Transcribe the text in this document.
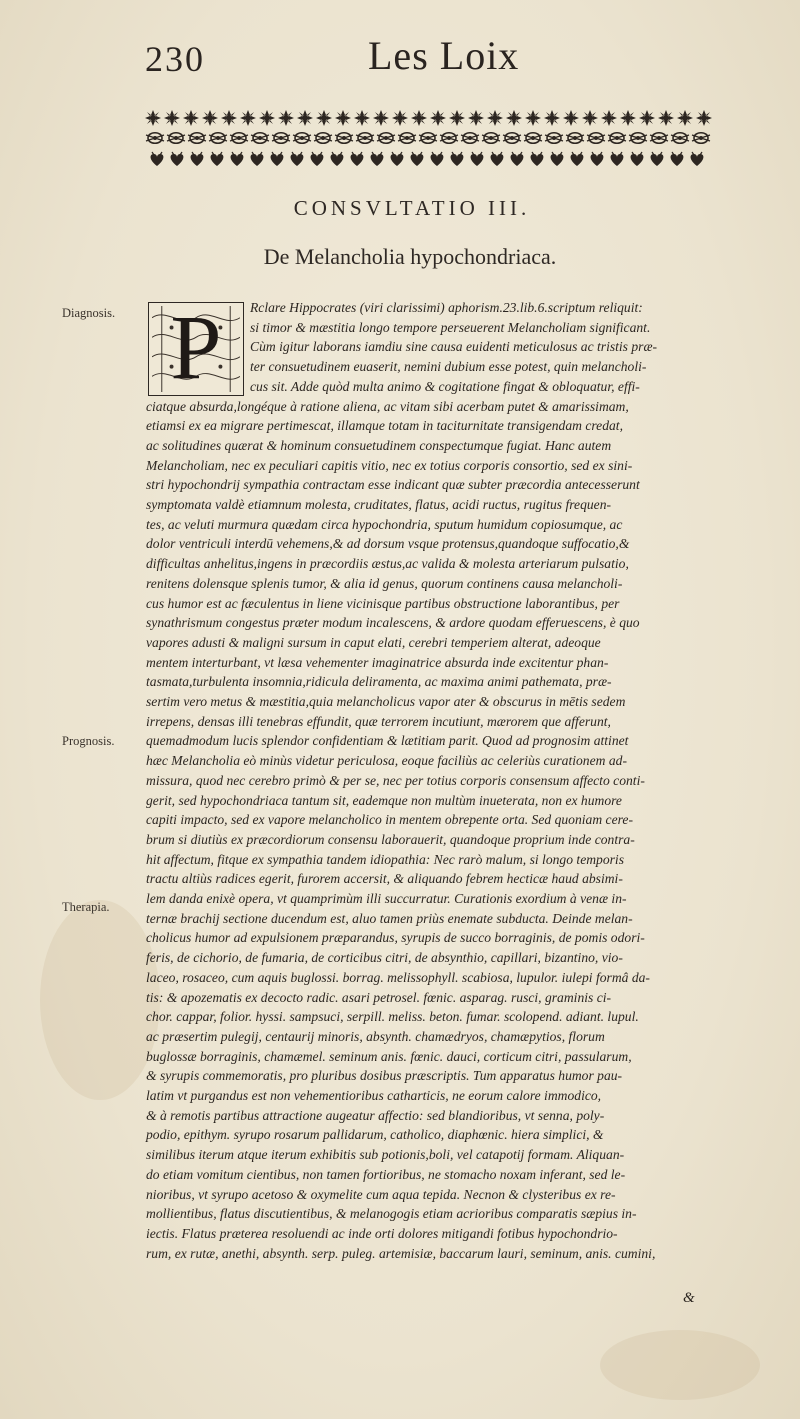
230	Les Loix
CONSVLTATIO III.
De Melancholia hypochondriaca.
Diagnosis.
Prognosis.
Therapia.
P	Rclare Hippocrates (viri clarissimi) aphorism.23.lib.6.scriptum reliquit:
si timor & mæstitia longo tempore perseuerent Melancholiam significant.
Cùm igitur laborans iamdiu sine causa euidenti meticulosus ac tristis præ-
ter consuetudinem euaserit, nemini dubium esse potest, quin melancholi-
cus sit. Adde quòd multa animo & cogitatione fingat & obloquatur, effi-
ciatque absurda,longéque à ratione aliena, ac vitam sibi acerbam putet & amarissimam,
etiamsi ex ea migrare pertimescat, illamque totam in taciturnitate transigendam credat,
ac solitudines quærat & hominum consuetudinem conspectumque fugiat. Hanc autem
Melancholiam, nec ex peculiari capitis vitio, nec ex totius corporis consortio, sed ex sini-
stri hypochondrij sympathia contractam esse indicant quæ subter præcordia antecesserunt
symptomata valdè etiamnum molesta, cruditates, flatus, acidi ructus, rugitus frequen-
tes, ac veluti murmura quædam circa hypochondria, sputum humidum copiosumque, ac
dolor ventriculi interdū vehemens,& ad dorsum vsque protensus,quandoque suffocatio,&
difficultas anhelitus,ingens in præcordiis æstus,ac valida & molesta arteriarum pulsatio,
renitens dolensque splenis tumor, & alia id genus, quorum continens causa melancholi-
cus humor est ac fæculentus in liene vicinisque partibus obstructione laborantibus, per
synathrismum congestus præter modum incalescens, & ardore quodam efferuescens, è quo
vapores adusti & maligni sursum in caput elati, cerebri temperiem alterat, adeoque
mentem interturbant, vt læsa vehementer imaginatrice absurda inde excitentur phan-
tasmata,turbulenta insomnia,ridicula deliramenta, ac maxima animi pathemata, præ-
sertim vero metus & mæstitia,quia melancholicus vapor ater & obscurus in mētis sedem
irrepens, densas illi tenebras effundit, quæ terrorem incutiunt, mærorem que afferunt,
quemadmodum lucis splendor confidentiam & lætitiam parit. Quod ad prognosim attinet
hæc Melancholia eò minùs videtur periculosa, eoque faciliùs ac celeriùs curationem ad-
missura, quod nec cerebro primò & per se, nec per totius corporis consensum affecto conti-
gerit, sed hypochondriaca tantum sit, eademque non multùm inueterata, non ex humore
capiti impacto, sed ex vapore melancholico in mentem obrepente orta. Sed quoniam cere-
brum si diutiùs ex præcordiorum consensu laborauerit, quandoque proprium inde contra-
hit affectum, fitque ex sympathia tandem idiopathia: Nec rarò malum, si longo temporis
tractu altiùs radices egerit, furorem accersit, & aliquando febrem hecticæ haud absimi-
lem danda enixè opera, vt quamprimùm illi succurratur. Curationis exordium à venæ in-
ternæ brachij sectione ducendum est, aluo tamen priùs enemate subducta. Deinde melan-
cholicus humor ad expulsionem præparandus, syrupis de succo borraginis, de pomis odori-
feris, de cichorio, de fumaria, de corticibus citri, de absynthio, capillari, bizantino, vio-
laceo, rosaceo, cum aquis buglossi. borrag. melissophyll. scabiosa, lupulor. iulepi formâ da-
tis: & apozematis ex decocto radic. asari petrosel. fœnic. asparag. rusci, graminis ci-
chor. cappar, folior. hyssi. sampsuci, serpill. meliss. beton. fumar. scolopend. adiant. lupul.
ac præsertim pulegij, centaurij minoris, absynth. chamædryos, chamæpytios, florum
buglossæ borraginis, chamæmel. seminum anis. fœnic. dauci, corticum citri, passularum,
& syrupis commemoratis, pro pluribus dosibus præscriptis. Tum apparatus humor pau-
latim vt purgandus est non vehementioribus catharticis, ne eorum calore immodico,
& à remotis partibus attractione augeatur affectio: sed blandioribus, vt senna, poly-
podio, epithym. syrupo rosarum pallidarum, catholico, diaphœnic. hiera simplici, &
similibus iterum atque iterum exhibitis sub potionis,boli, vel catapotij formam. Aliquan-
do etiam vomitum cientibus, non tamen fortioribus, ne stomacho noxam inferant, sed le-
nioribus, vt syrupo acetoso & oxymelite cum aqua tepida. Necnon & clysteribus ex re-
mollientibus, flatus discutientibus, & melanogogis etiam acrioribus comparatis sæpius in-
iectis. Flatus præterea resoluendi ac inde orti dolores mitigandi fotibus hypochondrio-
rum, ex rutæ, anethi, absynth. serp. puleg. artemisiæ, baccarum lauri, seminum, anis. cumini,
&
